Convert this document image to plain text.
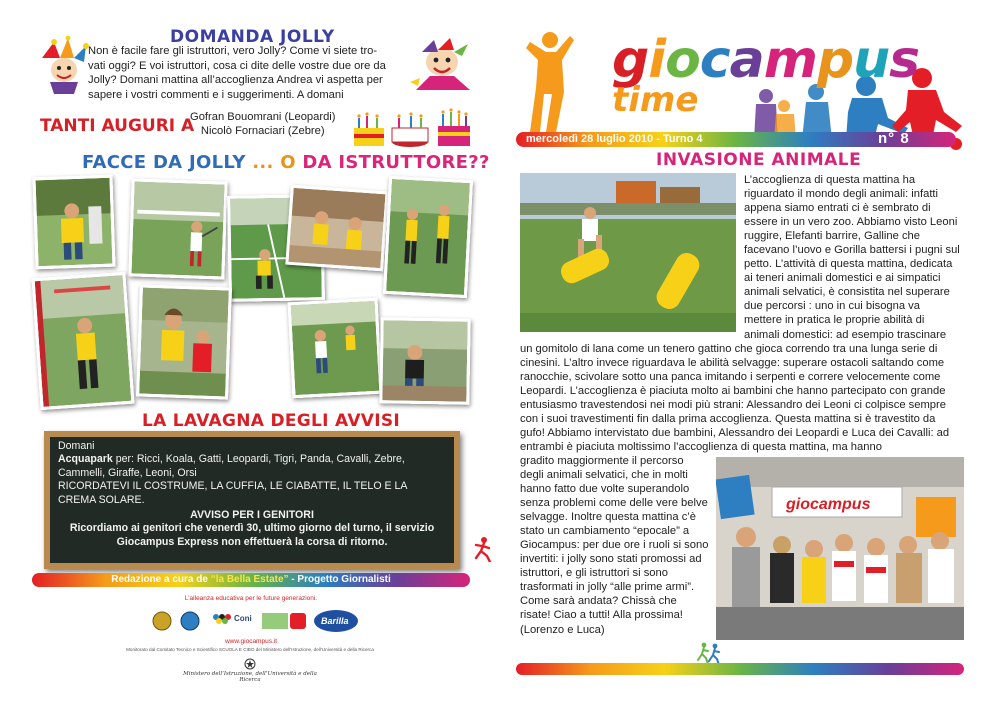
DOMANDA JOLLY
Non è facile fare gli istruttori, vero Jolly? Come vi siete tro-
vati oggi? E voi istruttori, cosa ci dite delle vostre due ore da
Jolly? Domani mattina all’accoglienza Andrea vi aspetta per
sapere i vostri commenti e i suggerimenti. A domani
TANTI AUGURI A
Gofran Bouomrani (Leopardi)
Nicolò Fornaciari (Zebre)
FACCE DA JOLLY ... O DA ISTRUTTORE??
LA LAVAGNA DEGLI AVVISI
Domani
Acquapark per: Ricci, Koala, Gatti, Leopardi, Tigri, Panda, Cavalli, Zebre, Cammelli, Giraffe, Leoni, Orsi
RICORDATEVI IL COSTRUME, LA CUFFIA, LE CIABATTE, IL TELO E LA CREMA SOLARE.
AVVISO PER I GENITORI
Ricordiamo ai genitori che venerdì 30, ultimo giorno del turno, il servizio Giocampus Express non effettuerà la corsa di ritorno.
Redazione a cura de “la Bella Estate” - Progetto Giornalisti
L’alleanza educativa per le future generazioni.
Coni	Barilla
www.giocampus.it
Monitorato dal Comitato Tecnico e Scientifico SCUOLA E CIBO del Ministero dell’Istruzione, dell’Università e della Ricerca
Ministero dell’Istruzione, dell’Università e della Ricerca
giocampus
time
mercoledì 28 luglio 2010 - Turno 4	n° 8
INVASIONE ANIMALE

L’accoglienza di questa mattina ha riguardato il mondo degli animali: infatti appena siamo entrati ci è sembrato di essere in un vero zoo. Abbiamo visto Leoni ruggire, Elefanti barrire, Galline che facevano l’uovo e Gorilla battersi i pugni sul petto. L’attività di questa mattina, dedicata ai teneri animali domestici e ai simpatici animali selvatici, è consistita nel superare due percorsi : uno in cui bisogna va mettere in pratica le proprie abilità di animali domestici: ad esempio trascinare un gomitolo di lana come un tenero gattino che gioca correndo tra una lunga serie di cinesini. L’altro invece riguardava le abilità selvagge: superare ostacoli saltando come ranocchie, scivolare sotto una panca imitando i serpenti e correre velocemente come Leopardi. L’accoglienza è piaciuta molto ai bambini che hanno partecipato con grande entusiasmo travestendosi nei modi più strani: Alessandro dei Leoni ci colpisce sempre con i suoi travestimenti fin dalla prima accoglienza. Questa mattina si è travestito da gufo! Abbiamo intervistato due bambini, Alessandro dei Leopardi e Luca dei Cavalli: ad entrambi è piaciuta moltissimo l’accoglienza di questa mattina, ma hanno

giocampus

gradito maggiormente il percorso degli animali selvatici, che in molti hanno fatto due volte superandolo senza problemi come delle vere belve selvagge. Inoltre questa mattina c’è stato un cambiamento “epocale” a Giocampus: per due ore i ruoli si sono invertiti: i jolly sono stati promossi ad istruttori, e gli istruttori si sono trasformati in jolly “alle prime armi”. Come sarà andata? Chissà che risate! Ciao a tutti! Alla prossima! (Lorenzo e Luca)
